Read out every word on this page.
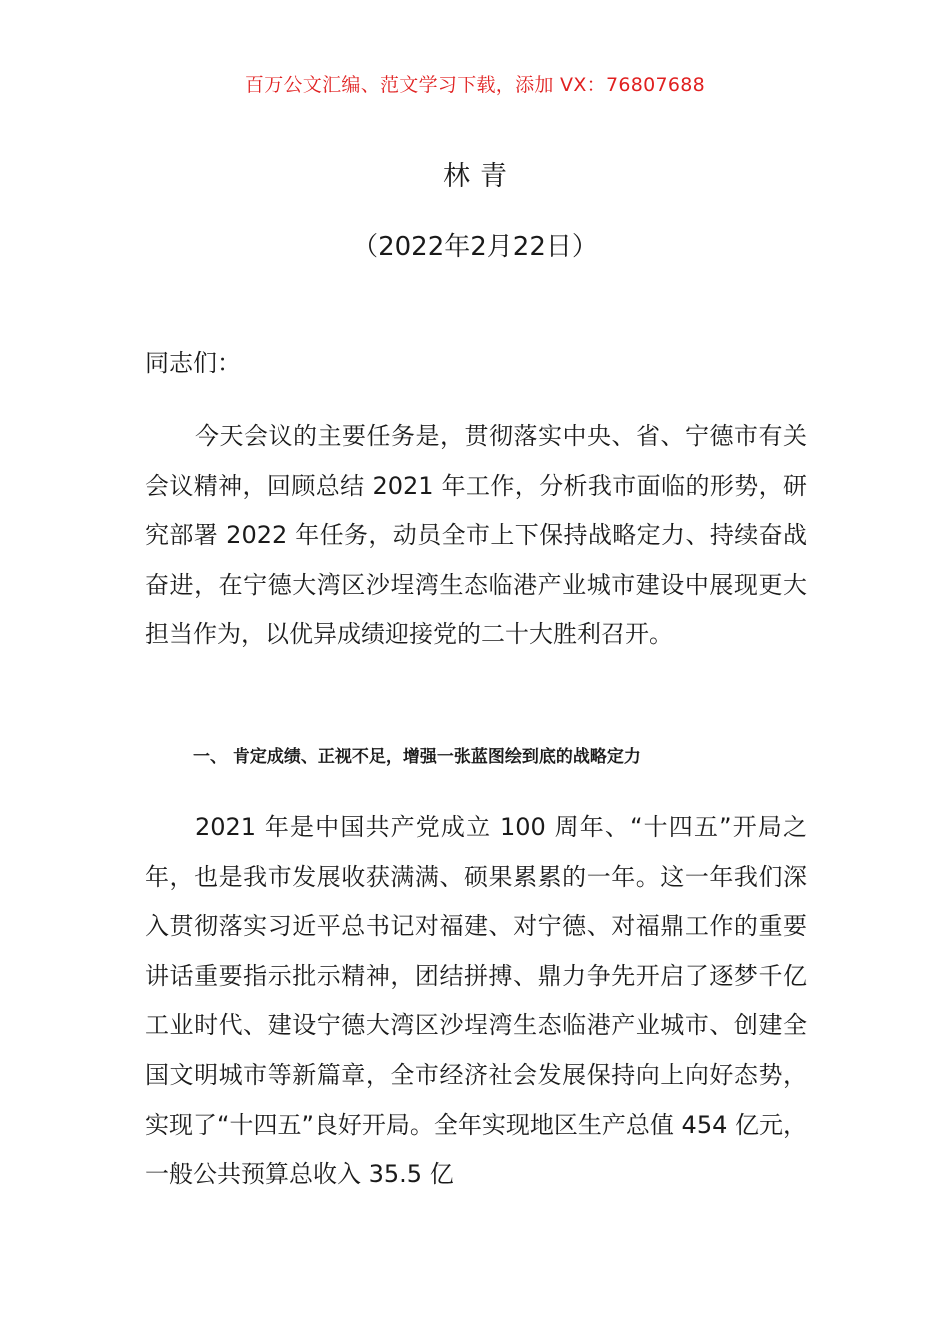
百万公文汇编、范文学习下载，添加 VX：76807688
林青
（2022年2月22日）
同志们：

今天会议的主要任务是，贯彻落实中央、省、宁德市有关会议精神，回顾总结 2021 年工作，分析我市面临的形势，研究部署 2022 年任务，动员全市上下保持战略定力、持续奋战奋进，在宁德大湾区沙埕湾生态临港产业城市建设中展现更大担当作为，以优异成绩迎接党的二十大胜利召开。

一、 肯定成绩、正视不足，增强一张蓝图绘到底的战略定力

2021 年是中国共产党成立 100 周年、“十四五”开局之年，也是我市发展收获满满、硕果累累的一年。这一年我们深入贯彻落实习近平总书记对福建、对宁德、对福鼎工作的重要讲话重要指示批示精神，团结拼搏、鼎力争先开启了逐梦千亿工业时代、建设宁德大湾区沙埕湾生态临港产业城市、创建全国文明城市等新篇章，全市经济社会发展保持向上向好态势，实现了“十四五”良好开局。全年实现地区生产总值 454 亿元，一般公共预算总收入 35.5 亿
